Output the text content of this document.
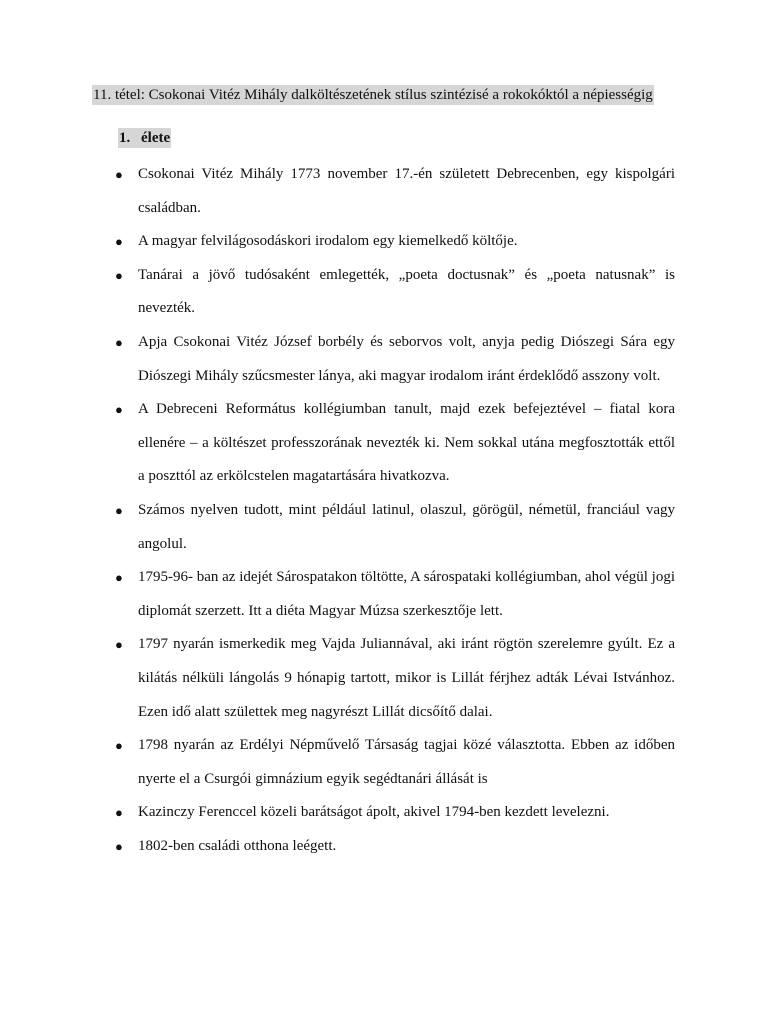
11. tétel: Csokonai Vitéz Mihály dalköltészetének stílus szintézisé a rokokóktól a népiességig
1. élete
● Csokonai Vitéz Mihály 1773 november 17.-én született Debrecenben, egy kispolgári családban.
● A magyar felvilágosodáskori irodalom egy kiemelkedő költője.
● Tanárai a jövő tudósaként emlegették, „poeta doctusnak” és „poeta natusnak” is nevezték.
● Apja Csokonai Vitéz József borbély és seborvos volt, anyja pedig Diószegi Sára egy Diószegi Mihály szűcsmester lánya, aki magyar irodalom iránt érdeklődő asszony volt.
● A Debreceni Református kollégiumban tanult, majd ezek befejeztével – fiatal kora ellenére – a költészet professzorának nevezték ki. Nem sokkal utána megfosztották ettől a poszttól az erkölcstelen magatartására hivatkozva.
● Számos nyelven tudott, mint például latinul, olaszul, görögül, németül, franciául vagy angolul.
● 1795-96- ban az idejét Sárospatakon töltötte, A sárospataki kollégiumban, ahol végül jogi diplomát szerzett. Itt a diéta Magyar Múzsa szerkesztője lett.
● 1797 nyarán ismerkedik meg Vajda Juliannával, aki iránt rögtön szerelemre gyúlt. Ez a kilátás nélküli lángolás 9 hónapig tartott, mikor is Lillát férjhez adták Lévai Istvánhoz. Ezen idő alatt születtek meg nagyrészt Lillát dicsőítő dalai.
● 1798 nyarán az Erdélyi Népművelő Társaság tagjai közé választotta. Ebben az időben nyerte el a Csurgói gimnázium egyik segédtanári állását is
● Kazinczy Ferenccel közeli barátságot ápolt, akivel 1794-ben kezdett levelezni.
● 1802-ben családi otthona leégett.
